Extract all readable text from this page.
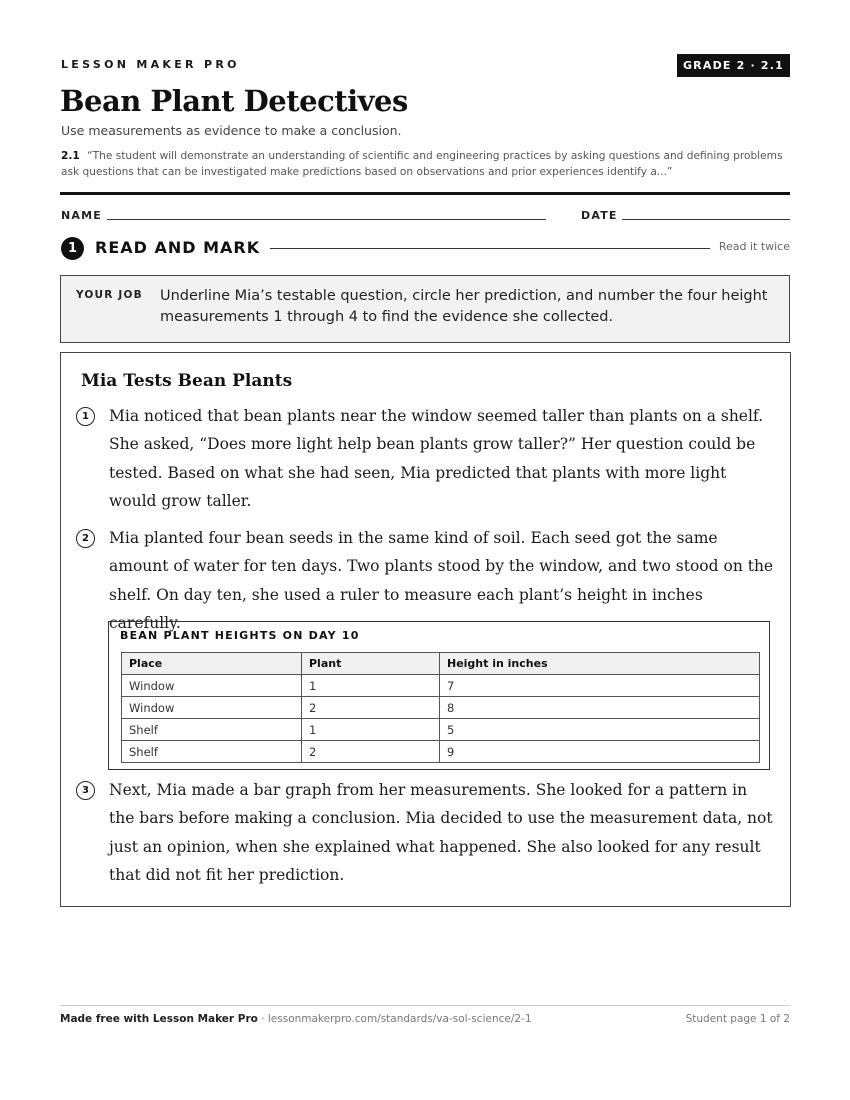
LESSON MAKER PRO	GRADE 2 · 2.1
Bean Plant Detectives
Use measurements as evidence to make a conclusion.
2.1 “The student will demonstrate an understanding of scientific and engineering practices by asking questions and defining problems ask questions that can be investigated make predictions based on observations and prior experiences identify a...”
NAME	DATE
1	READ AND MARK	Read it twice
YOUR JOB Underline Mia’s testable question, circle her prediction, and number the four height measurements 1 through 4 to find the evidence she collected.
Mia Tests Bean Plants
1	Mia noticed that bean plants near the window seemed taller than plants on a shelf. She asked, “Does more light help bean plants grow taller?” Her question could be tested. Based on what she had seen, Mia predicted that plants with more light would grow taller.
2	Mia planted four bean seeds in the same kind of soil. Each seed got the same amount of water for ten days. Two plants stood by the window, and two stood on the shelf. On day ten, she used a ruler to measure each plant’s height in inches carefully.
BEAN PLANT HEIGHTS ON DAY 10
Place	Plant	Height in inches
Window	1	7
Window	2	8
Shelf	1	5
Shelf	2	9
3	Next, Mia made a bar graph from her measurements. She looked for a pattern in the bars before making a conclusion. Mia decided to use the measurement data, not just an opinion, when she explained what happened. She also looked for any result that did not fit her prediction.
Made free with Lesson Maker Pro · lessonmakerpro.com/standards/va-sol-science/2-1	Student page 1 of 2
